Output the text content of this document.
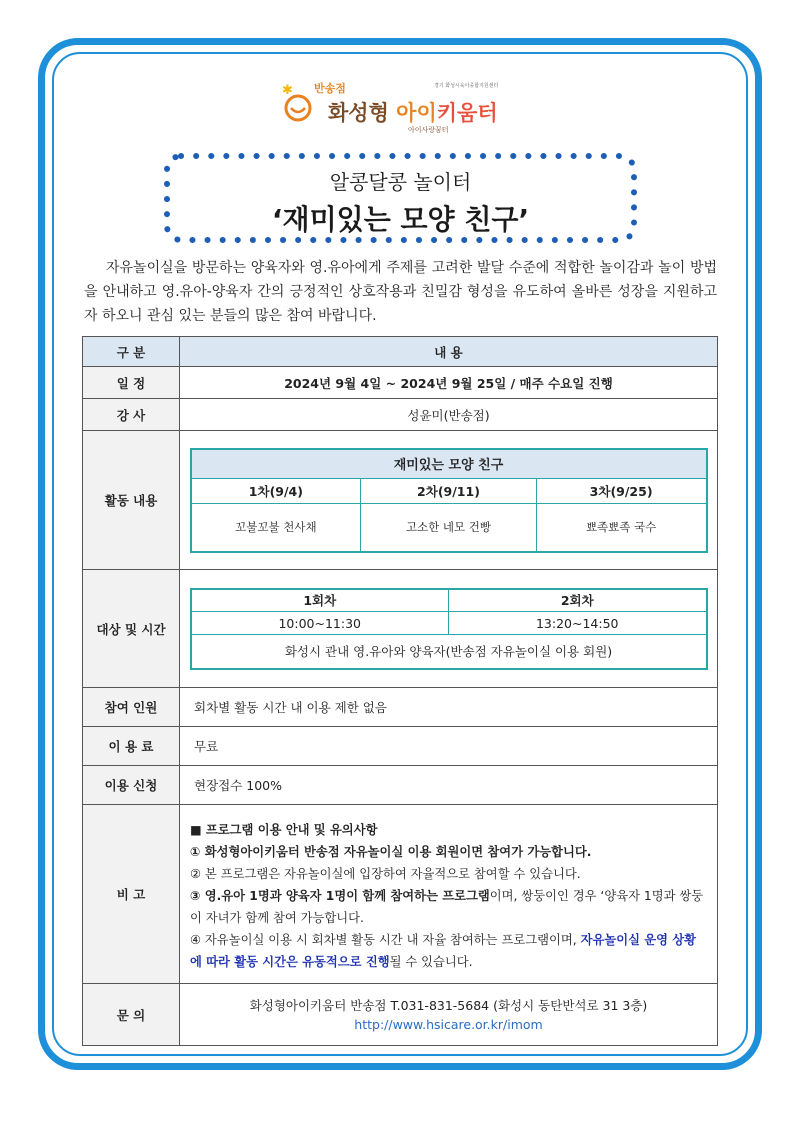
✱ 반송점	경기 화성시육아종합지원센터
화성형 아이키움터
아이사랑꿈터
알콩달콩 놀이터
‘재미있는 모양 친구’
자유놀이실을 방문하는 양육자와 영.유아에게 주제를 고려한 발달 수준에 적합한 놀이감과 놀이 방법을 안내하고 영.유아-양육자 간의 긍정적인 상호작용과 친밀감 형성을 유도하여 올바른 성장을 지원하고자 하오니 관심 있는 분들의 많은 참여 바랍니다.
구 분	내 용
일 정	2024년 9월 4일 ~ 2024년 9월 25일 / 매주 수요일 진행
강 사	성윤미(반송점)
활동 내용	
재미있는 모양 친구
1차(9/4)	2차(9/11)	3차(9/25)
꼬불꼬불 천사채	고소한 네모 건빵	뾰족뾰족 국수

대상 및 시간	
1회차	2회차
10:00~11:30	13:20~14:50
화성시 관내 영.유아와 양육자(반송점 자유놀이실 이용 회원)

참여 인원	회차별 활동 시간 내 이용 제한 없음
이 용 료	무료
이용 신청	현장접수 100%
비 고	
■ 프로그램 이용 안내 및 유의사항
① 화성형아이키움터 반송점 자유놀이실 이용 회원이면 참여가 가능합니다.
② 본 프로그램은 자유놀이실에 입장하여 자율적으로 참여할 수 있습니다.
③ 영.유아 1명과 양육자 1명이 함께 참여하는 프로그램이며, 쌍둥이인 경우 ‘양육자 1명과 쌍둥이 자녀가 함께 참여 가능합니다.
④ 자유놀이실 이용 시 회차별 활동 시간 내 자율 참여하는 프로그램이며, 자유놀이실 운영 상황에 따라 활동 시간은 유동적으로 진행될 수 있습니다.

문 의	
화성형아이키움터 반송점 T.031-831-5684 (화성시 동탄반석로 31 3층)
http://www.hsicare.or.kr/imom
